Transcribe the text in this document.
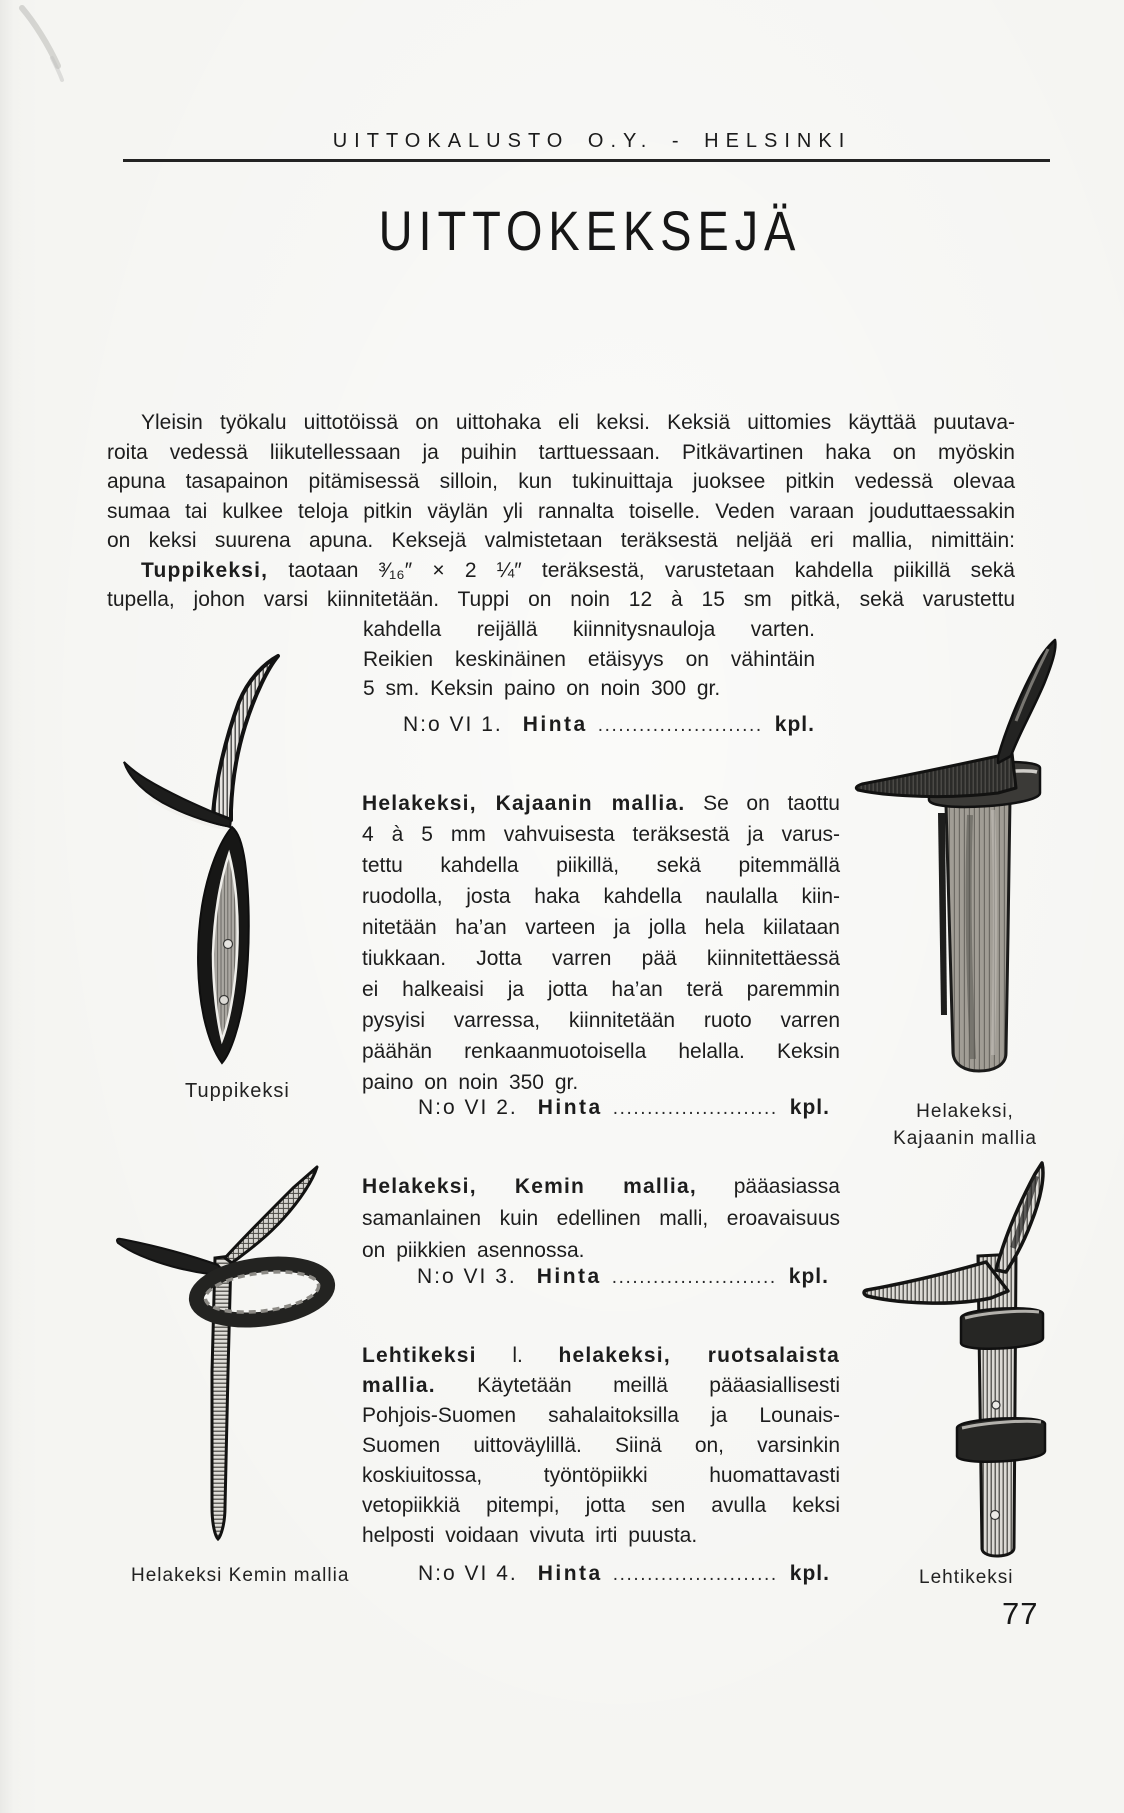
UITTOKALUSTO O.Y. - HELSINKI
UITTOKEKSEJÄ
Yleisin työkalu uittotöissä on uittohaka eli keksi. Keksiä uittomies käyttää puutava-
roita vedessä liikutellessaan ja puihin tarttuessaan. Pitkävartinen haka on myöskin
apuna tasapainon pitämisessä silloin, kun tukinuittaja juoksee pitkin vedessä olevaa
sumaa tai kulkee teloja pitkin väylän yli rannalta toiselle. Veden varaan jouduttaessakin
on keksi suurena apuna. Keksejä valmistetaan teräksestä neljää eri mallia, nimittäin:
Tuppikeksi, taotaan ³⁄₁₆″ × 2 ¼″ teräksestä, varustetaan kahdella piikillä sekä
tupella, johon varsi kiinnitetään. Tuppi on noin 12 à 15 sm pitkä, sekä varustettu
kahdella reijällä kiinnitysnauloja varten.
Reikien keskinäinen etäisyys on vähintäin
5 sm. Keksin paino on noin 300 gr.
N:o VI 1. Hinta ........................ kpl.
Helakeksi, Kajaanin mallia. Se on taottu
4 à 5 mm vahvuisesta teräksestä ja varus-
tettu kahdella piikillä, sekä pitemmällä
ruodolla, josta haka kahdella naulalla kiin-
nitetään ha’an varteen ja jolla hela kiilataan
tiukkaan. Jotta varren pää kiinnitettäessä
ei halkeaisi ja jotta ha’an terä paremmin
pysyisi varressa, kiinnitetään ruoto varren
päähän renkaanmuotoisella helalla. Keksin
paino on noin 350 gr.
N:o VI 2. Hinta ........................ kpl.
Helakeksi, Kemin mallia, pääasiassa
samanlainen kuin edellinen malli, eroavaisuus
on piikkien asennossa.
N:o VI 3. Hinta ........................ kpl.
Lehtikeksi l. helakeksi, ruotsalaista
mallia. Käytetään meillä pääasiallisesti
Pohjois-Suomen sahalaitoksilla ja Lounais-
Suomen uittoväylillä. Siinä on, varsinkin
koskiuitossa, työntöpiikki huomattavasti
vetopiikkiä pitempi, jotta sen avulla keksi
helposti voidaan vivuta irti puusta.
N:o VI 4. Hinta ........................ kpl.
Tuppikeksi
Helakeksi,
Kajaanin mallia
Helakeksi Kemin mallia	Lehtikeksi
77
